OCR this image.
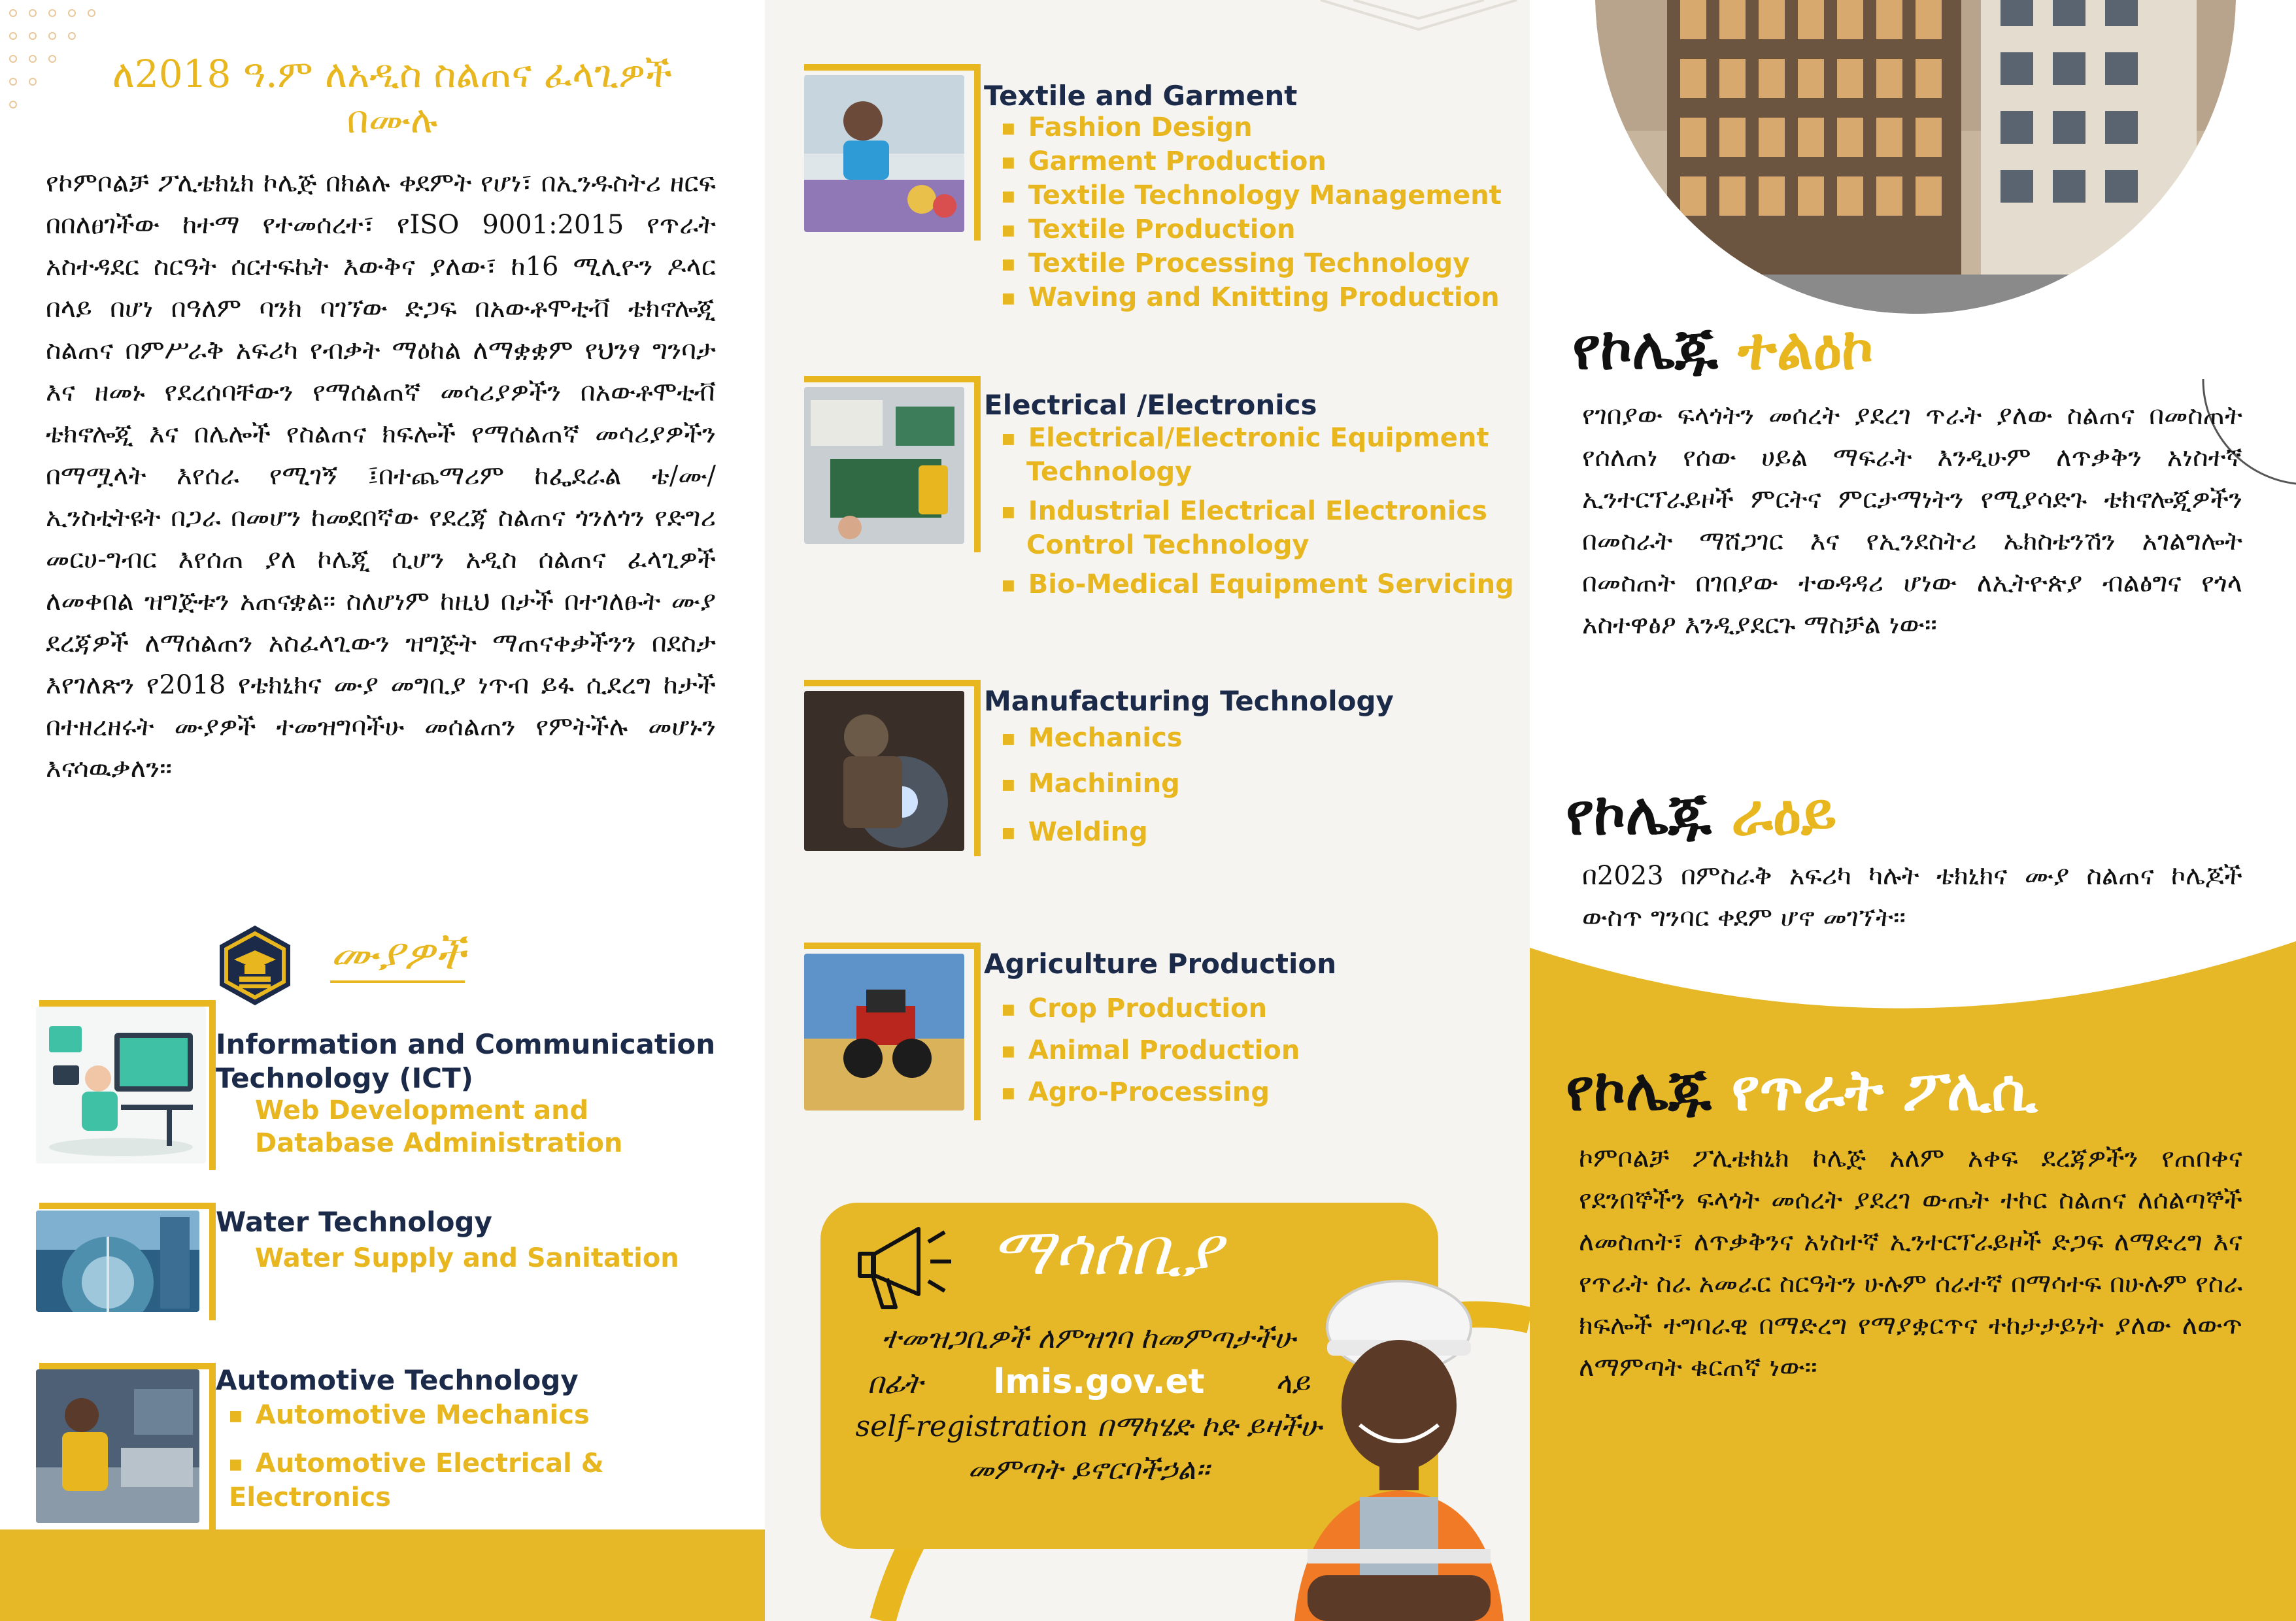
ለ2018 ዓ.ም ለአዲስ ስልጠና ፈላጊዎች
በሙሉ
የኮምቦልቻ ፖሊቴክኒክ ኮሌጅ በክልሉ ቀደምት የሆነ፣ በኢንዱስትሪ ዘርፍ በበለፀገችው ከተማ የተመሰረተ፣ የISO 9001:2015 የጥራት አስተዳደር ስርዓት ሰርተፍኬት እውቅና ያለው፣ ከ16 ሚሊዮን ዶላር በላይ በሆነ በዓለም ባንክ ባገኘው ድጋፍ በአውቶሞቲቭ ቴክኖሎጂ ስልጠና በምሥራቅ አፍሪካ የብቃት ማዕከል ለማቋቋም የህንፃ ግንባታ እና ዘመኑ የደረሰባቸውን የማሰልጠኛ መሳሪያዎችን በአውቶሞቲቭ ቴክኖሎጂ እና በሌሎች የስልጠና ክፍሎች የማሰልጠኛ መሳሪያዎችን በማሟላት እየሰራ የሚገኝ ፤በተጨማሪም ከፌደራል ቴ/ሙ/ ኢንስቲትዩት በጋራ በመሆን ከመደበኛው የደረጃ ስልጠና ጎንለጎን የድግሪ መርሀ-ግብር እየሰጠ ያለ ኮሌጂ ሲሆን አዲስ ሰልጠና ፈላጊዎች ለመቀበል ዝግጅቱን አጠናቋል፡፡ ስለሆነም ከዚህ በታች በተገለፁት ሙያ ደረጃዎች ለማሰልጠን አስፈላጊውን ዝግጅት ማጠናቀቃችንን በደስታ እየገለጽን የ2018 የቴክኒክና ሙያ መግቢያ ነጥብ ይፋ ሲደረግ ከታች በተዘረዘሩት ሙያዎች ተመዝግባችሁ መሰልጠን የምትችሉ መሆኑን እናሳዉቃለን፡፡
ሙያዎች
Information and Communication Technology (ICT)
Web Development and Database Administration
Water Technology
Water Supply and Sanitation
Automotive Technology
■ Automotive Mechanics
■ Automotive Electrical & Electronics
Textile and Garment
■ Fashion Design
■ Garment Production
■ Textile Technology Management
■ Textile Production
■ Textile Processing Technology
■ Waving and Knitting Production
Electrical /Electronics
■ Electrical/Electronic Equipment Technology
■ Industrial Electrical Electronics Control Technology
■ Bio-Medical Equipment Servicing
Manufacturing Technology
■ Mechanics
■ Machining
■ Welding
Agriculture Production
■ Crop Production
■ Animal Production
■ Agro-Processing
ማሳሰቢያ
ተመዝጋቢዎች ለምዝገባ ከመምጣታችሁ
በፊት lmis.gov.et ላይ
self-registration በማካሄድ ኮድ ይዛችሁ
መምጣት ይኖርባችኃል፡፡
የኮሌጁ ተልዕኮ
የገበያው ፍላጎትን መሰረት ያደረገ ጥራት ያለው ስልጠና በመስጠት የሰለጠነ የሰው ሀይል ማፍራት እንዲሁም ለጥቃቅን አነስተኛ ኢንተርፕራይዞች ምርትና ምርታማነትን የሚያሳድጉ ቴክኖሎጂዎችን በመስራት ማሸጋገር እና የኢንደስትሪ ኤክስቴንሽን አገልግሎት በመስጠት በገበያው ተወዳዳሪ ሆነው ለኢትዮጵያ ብልፅግና የጎላ አስተዋፅዖ እንዲያደርጉ ማስቻል ነው፡፡
የኮሌጁ ራዕይ
በ2023 በምስራቅ አፍሪካ ካሉት ቴክኒክና ሙያ ስልጠና ኮሌጆች ውስጥ ግንባር ቀደም ሆኖ መገኘት፡፡
የኮሌጁ የጥራት ፖሊሲ
ኮምቦልቻ ፖሊቴክኒክ ኮሌጅ አለም አቀፍ ደረጃዎችን የጠበቀና የደንበኞችን ፍላጎት መሰረት ያደረገ ውጤት ተኮር ስልጠና ለሰልጣኞች ለመስጠት፣ ለጥቃቅንና አነስተኛ ኢንተርፕራይዞች ድጋፍ ለማድረግ እና የጥራት ስራ አመራር ስርዓትን ሁሉም ሰራተኛ በማሳተፍ በሁሉም የስራ ክፍሎች ተግባራዊ በማድረግ የማያቋርጥና ተከታታይነት ያለው ለውጥ ለማምጣት ቁርጠኛ ነው፡፡
